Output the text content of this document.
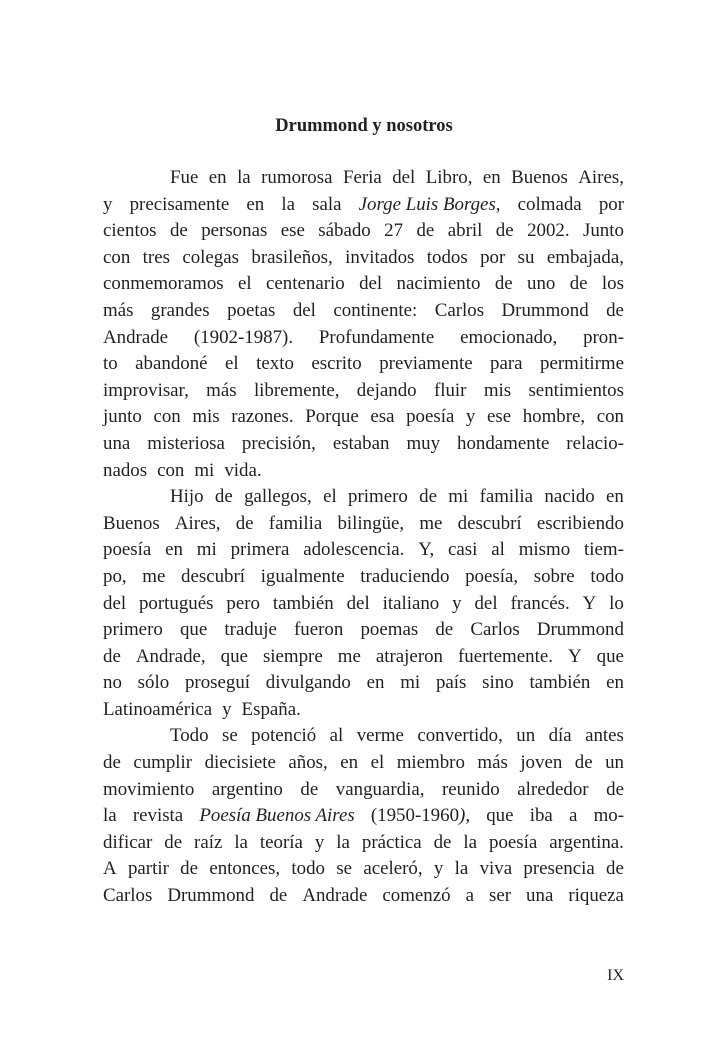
Drummond y nosotros
Fue en la rumorosa Feria del Libro, en Buenos Aires,
y precisamente en la sala Jorge Luis Borges, colmada por
cientos de personas ese sábado 27 de abril de 2002. Junto
con tres colegas brasileños, invitados todos por su embajada,
conmemoramos el centenario del nacimiento de uno de los
más grandes poetas del continente: Carlos Drummond de
Andrade (1902-1987). Profundamente emocionado, pron-
to abandoné el texto escrito previamente para permitirme
improvisar, más libremente, dejando fluir mis sentimientos
junto con mis razones. Porque esa poesía y ese hombre, con
una misteriosa precisión, estaban muy hondamente relacio-
nados con mi vida.
Hijo de gallegos, el primero de mi familia nacido en
Buenos Aires, de familia bilingüe, me descubrí escribiendo
poesía en mi primera adolescencia. Y, casi al mismo tiem-
po, me descubrí igualmente traduciendo poesía, sobre todo
del portugués pero también del italiano y del francés. Y lo
primero que traduje fueron poemas de Carlos Drummond
de Andrade, que siempre me atrajeron fuertemente. Y que
no sólo proseguí divulgando en mi país sino también en
Latinoamérica y España.
Todo se potenció al verme convertido, un día antes
de cumplir diecisiete años, en el miembro más joven de un
movimiento argentino de vanguardia, reunido alrededor de
la revista Poesía Buenos Aires (1950-1960), que iba a mo-
dificar de raíz la teoría y la práctica de la poesía argentina.
A partir de entonces, todo se aceleró, y la viva presencia de
Carlos Drummond de Andrade comenzó a ser una riqueza
IX
